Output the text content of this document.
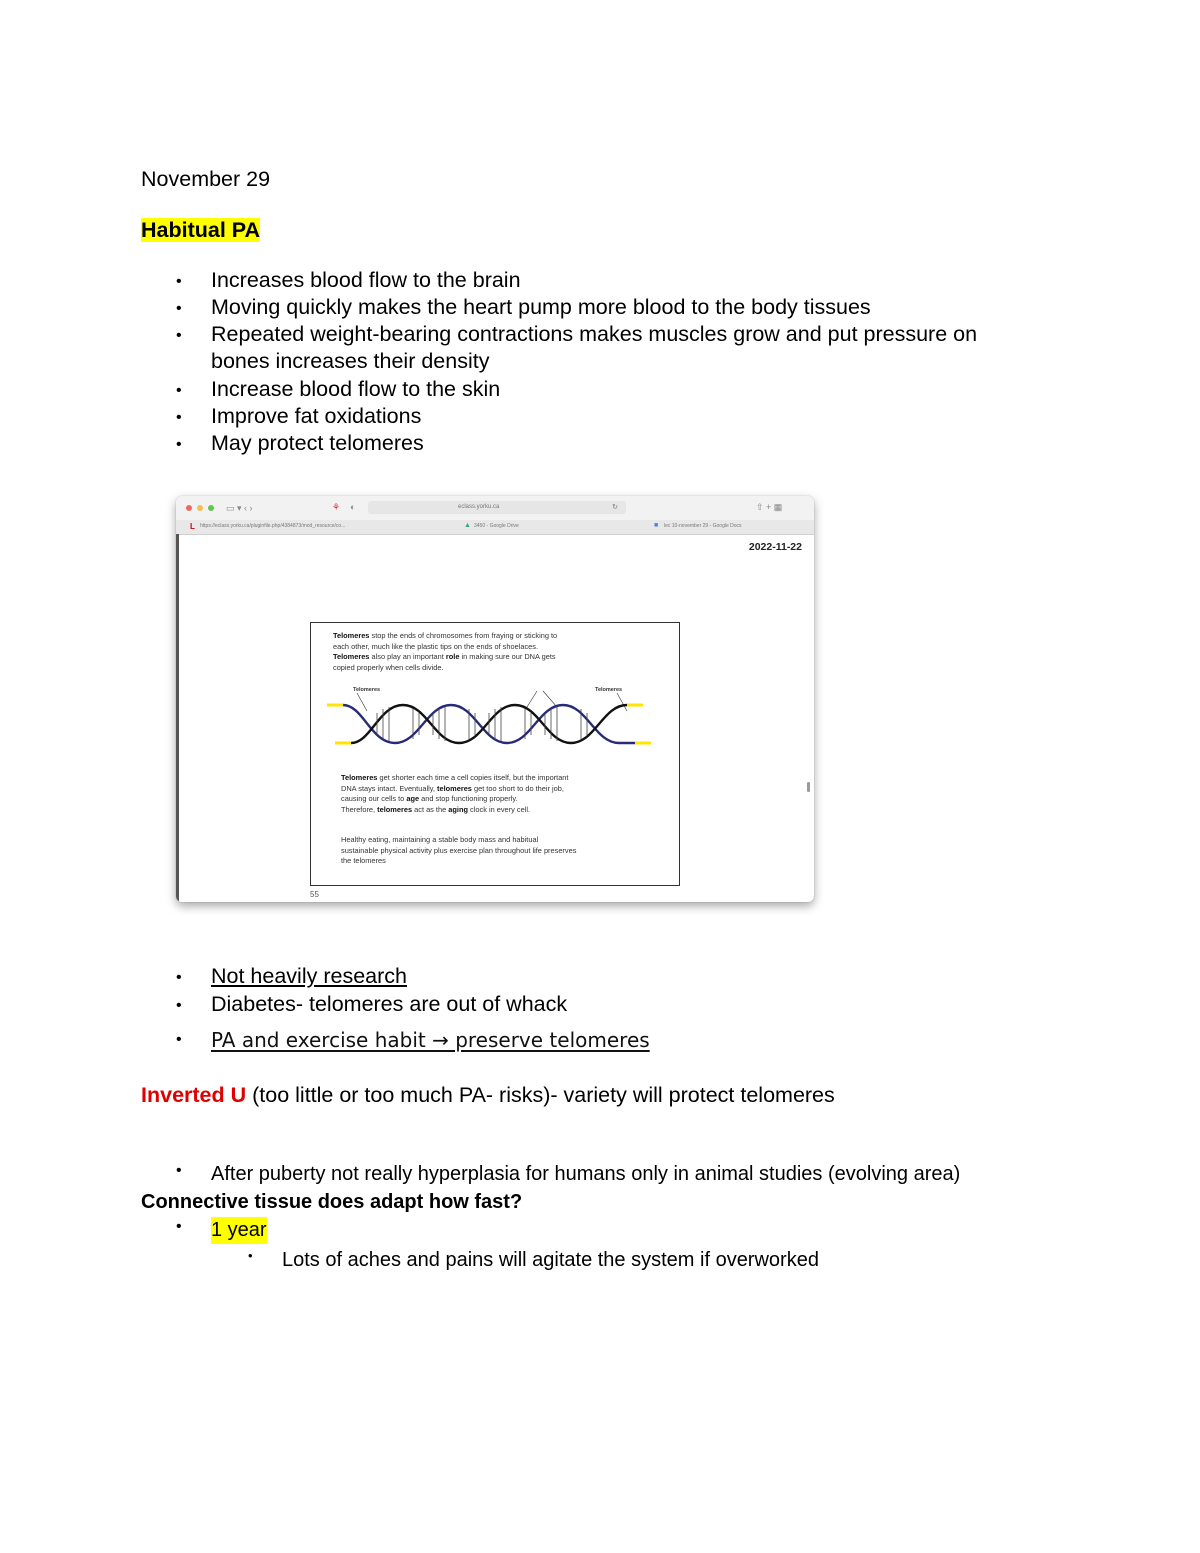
November 29
Habitual PA
• Increases blood flow to the brain
• Moving quickly makes the heart pump more blood to the body tissues
• Repeated weight-bearing contractions makes muscles grow and put pressure on
bones increases their density
• Increase blood flow to the skin
• Improve fat oxidations
• May protect telomeres
▭ ▾ ‹ ›	⚘ ◐	eclass.yorku.ca	↻	⇧ + ▦
L https://eclass.yorku.ca/pluginfile.php/4384873/mod_resource/co...	▲ 3450 - Google Drive	■ lec 10-november 29 - Google Docs
2022-11-22
Telomeres stop the ends of chromosomes from fraying or sticking to
each other, much like the plastic tips on the ends of shoelaces.
Telomeres also play an important role in making sure our DNA gets
copied properly when cells divide.
Telomeres	Telomeres
Telomeres get shorter each time a cell copies itself, but the important
DNA stays intact. Eventually, telomeres get too short to do their job,
causing our cells to age and stop functioning properly.
Therefore, telomeres act as the aging clock in every cell.
Healthy eating, maintaining a stable body mass and habitual
sustainable physical activity plus exercise plan throughout life preserves
the telomeres
55
• Not heavily research
• Diabetes- telomeres are out of whack
• PA and exercise habit → preserve telomeres
Inverted U (too little or too much PA- risks)- variety will protect telomeres
• After puberty not really hyperplasia for humans only in animal studies (evolving area)
Connective tissue does adapt how fast?
• 1 year
• Lots of aches and pains will agitate the system if overworked
